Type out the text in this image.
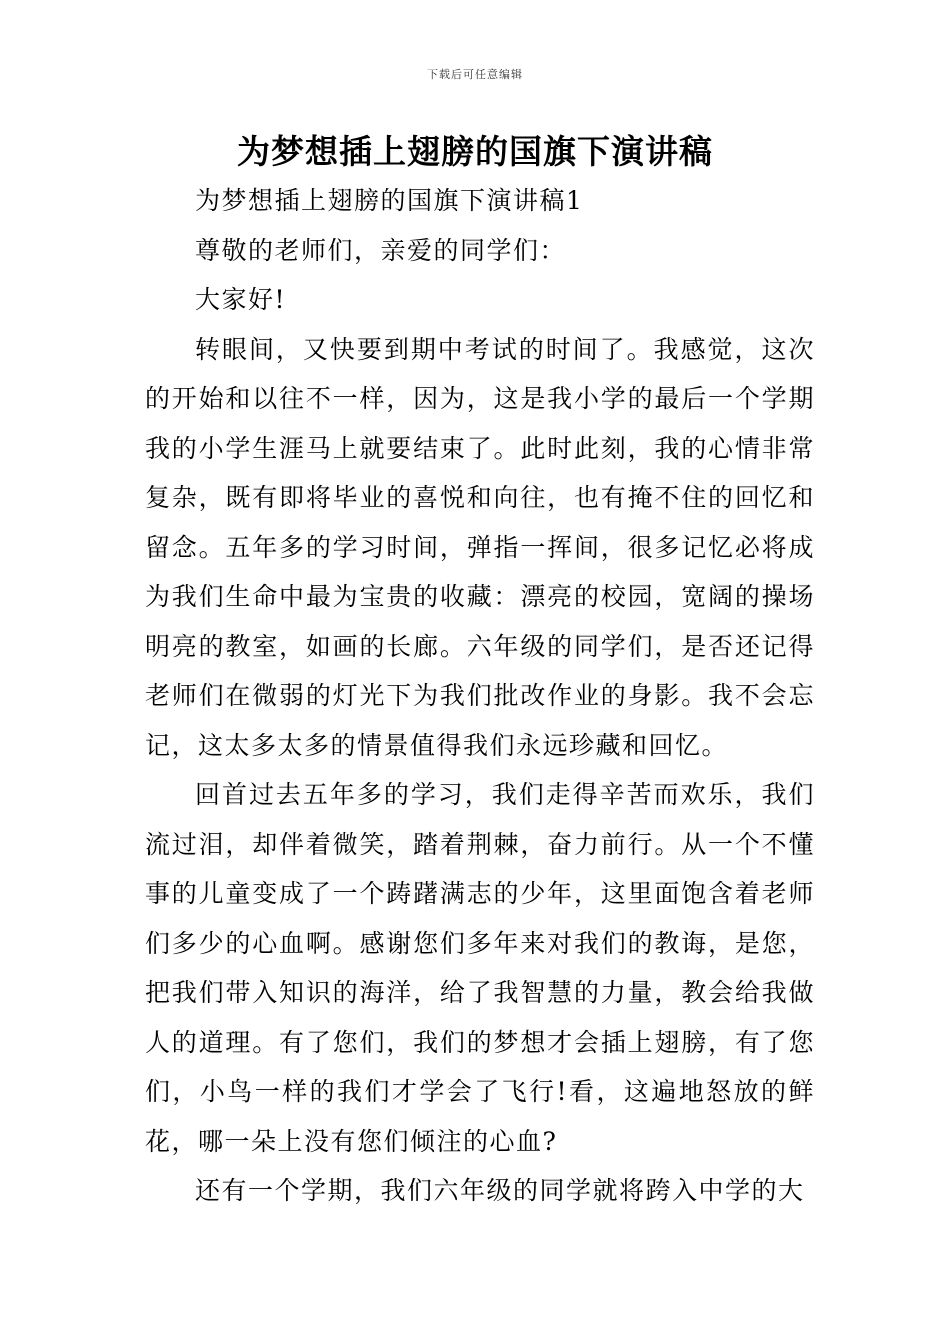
下载后可任意编辑
为梦想插上翅膀的国旗下演讲稿

为梦想插上翅膀的国旗下演讲稿1

尊敬的老师们，亲爱的同学们：

大家好!

转眼间，又快要到期中考试的时间了。我感觉，这次的开始和以往不一样，因为，这是我小学的最后一个学期我的小学生涯马上就要结束了。此时此刻，我的心情非常复杂，既有即将毕业的喜悦和向往，也有掩不住的回忆和留念。五年多的学习时间，弹指一挥间，很多记忆必将成为我们生命中最为宝贵的收藏：漂亮的校园，宽阔的操场明亮的教室，如画的长廊。六年级的同学们，是否还记得老师们在微弱的灯光下为我们批改作业的身影。我不会忘记，这太多太多的情景值得我们永远珍藏和回忆。

回首过去五年多的学习，我们走得辛苦而欢乐，我们流过泪，却伴着微笑，踏着荆棘，奋力前行。从一个不懂事的儿童变成了一个踌躇满志的少年，这里面饱含着老师们多少的心血啊。感谢您们多年来对我们的教诲，是您，把我们带入知识的海洋，给了我智慧的力量，教会给我做人的道理。有了您们，我们的梦想才会插上翅膀，有了您们，小鸟一样的我们才学会了飞行!看，这遍地怒放的鲜花，哪一朵上没有您们倾注的心血?

还有一个学期，我们六年级的同学就将跨入中学的大
